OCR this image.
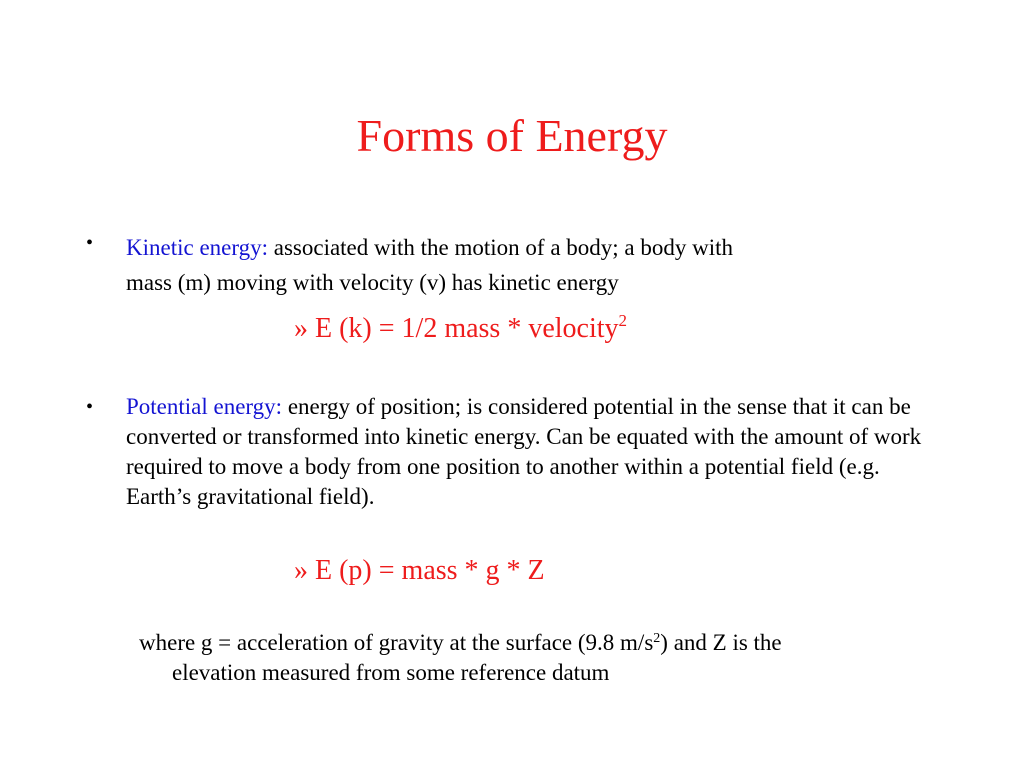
Forms of Energy
• Kinetic energy: associated with the motion of a body; a body with
mass (m) moving with velocity (v) has kinetic energy
» E (k) = 1/2 mass * velocity$^2$
• Potential energy: energy of position; is considered potential in the sense that it can be converted or transformed into kinetic energy. Can be equated with the amount of work required to move a body from one position to another within a potential field (e.g. Earth’s gravitational field).
» E (p) = mass * g * Z
where g = acceleration of gravity at the surface (9.8 $m/s^2$) and Z is the
elevation measured from some reference datum
